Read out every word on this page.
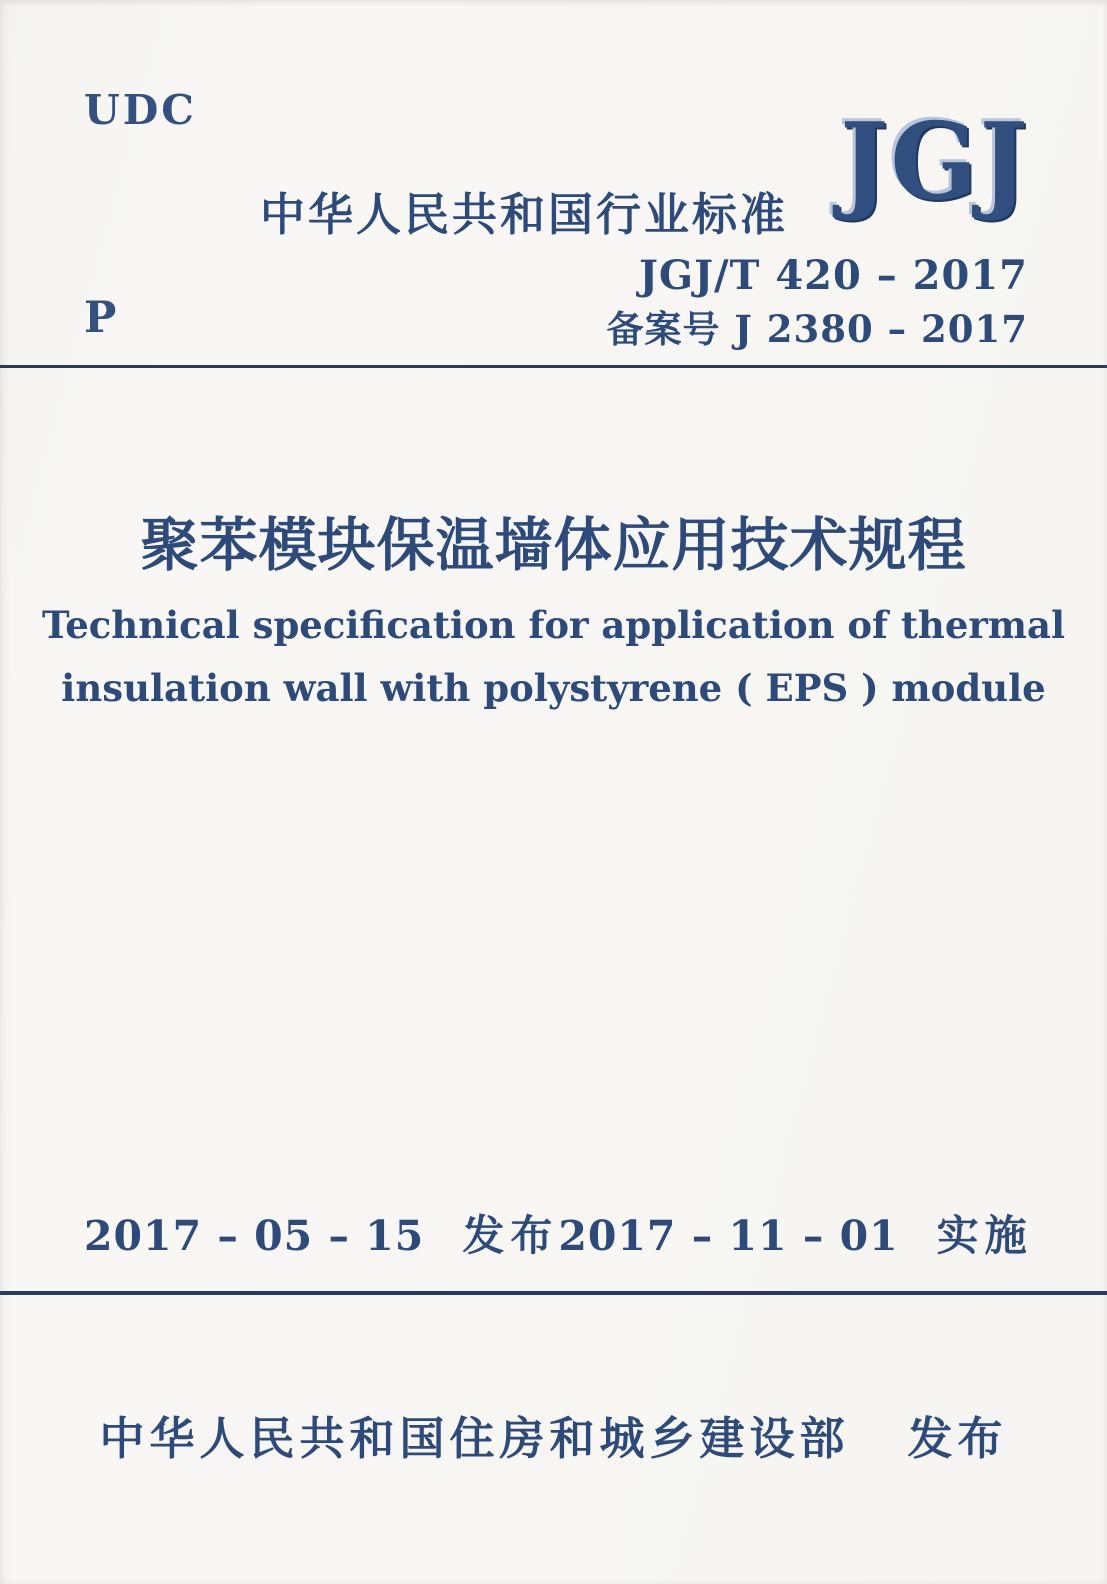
UDC
中华人民共和国行业标准 JGJ
JGJ/T 420 – 2017
备案号 J 2380 – 2017
P
聚苯模块保温墙体应用技术规程
Technical specification for application of thermal
insulation wall with polystyrene ( EPS ) module
2017 – 05 – 15 发布 2017 – 11 – 01 实施
中华人民共和国住房和城乡建设部 发布
